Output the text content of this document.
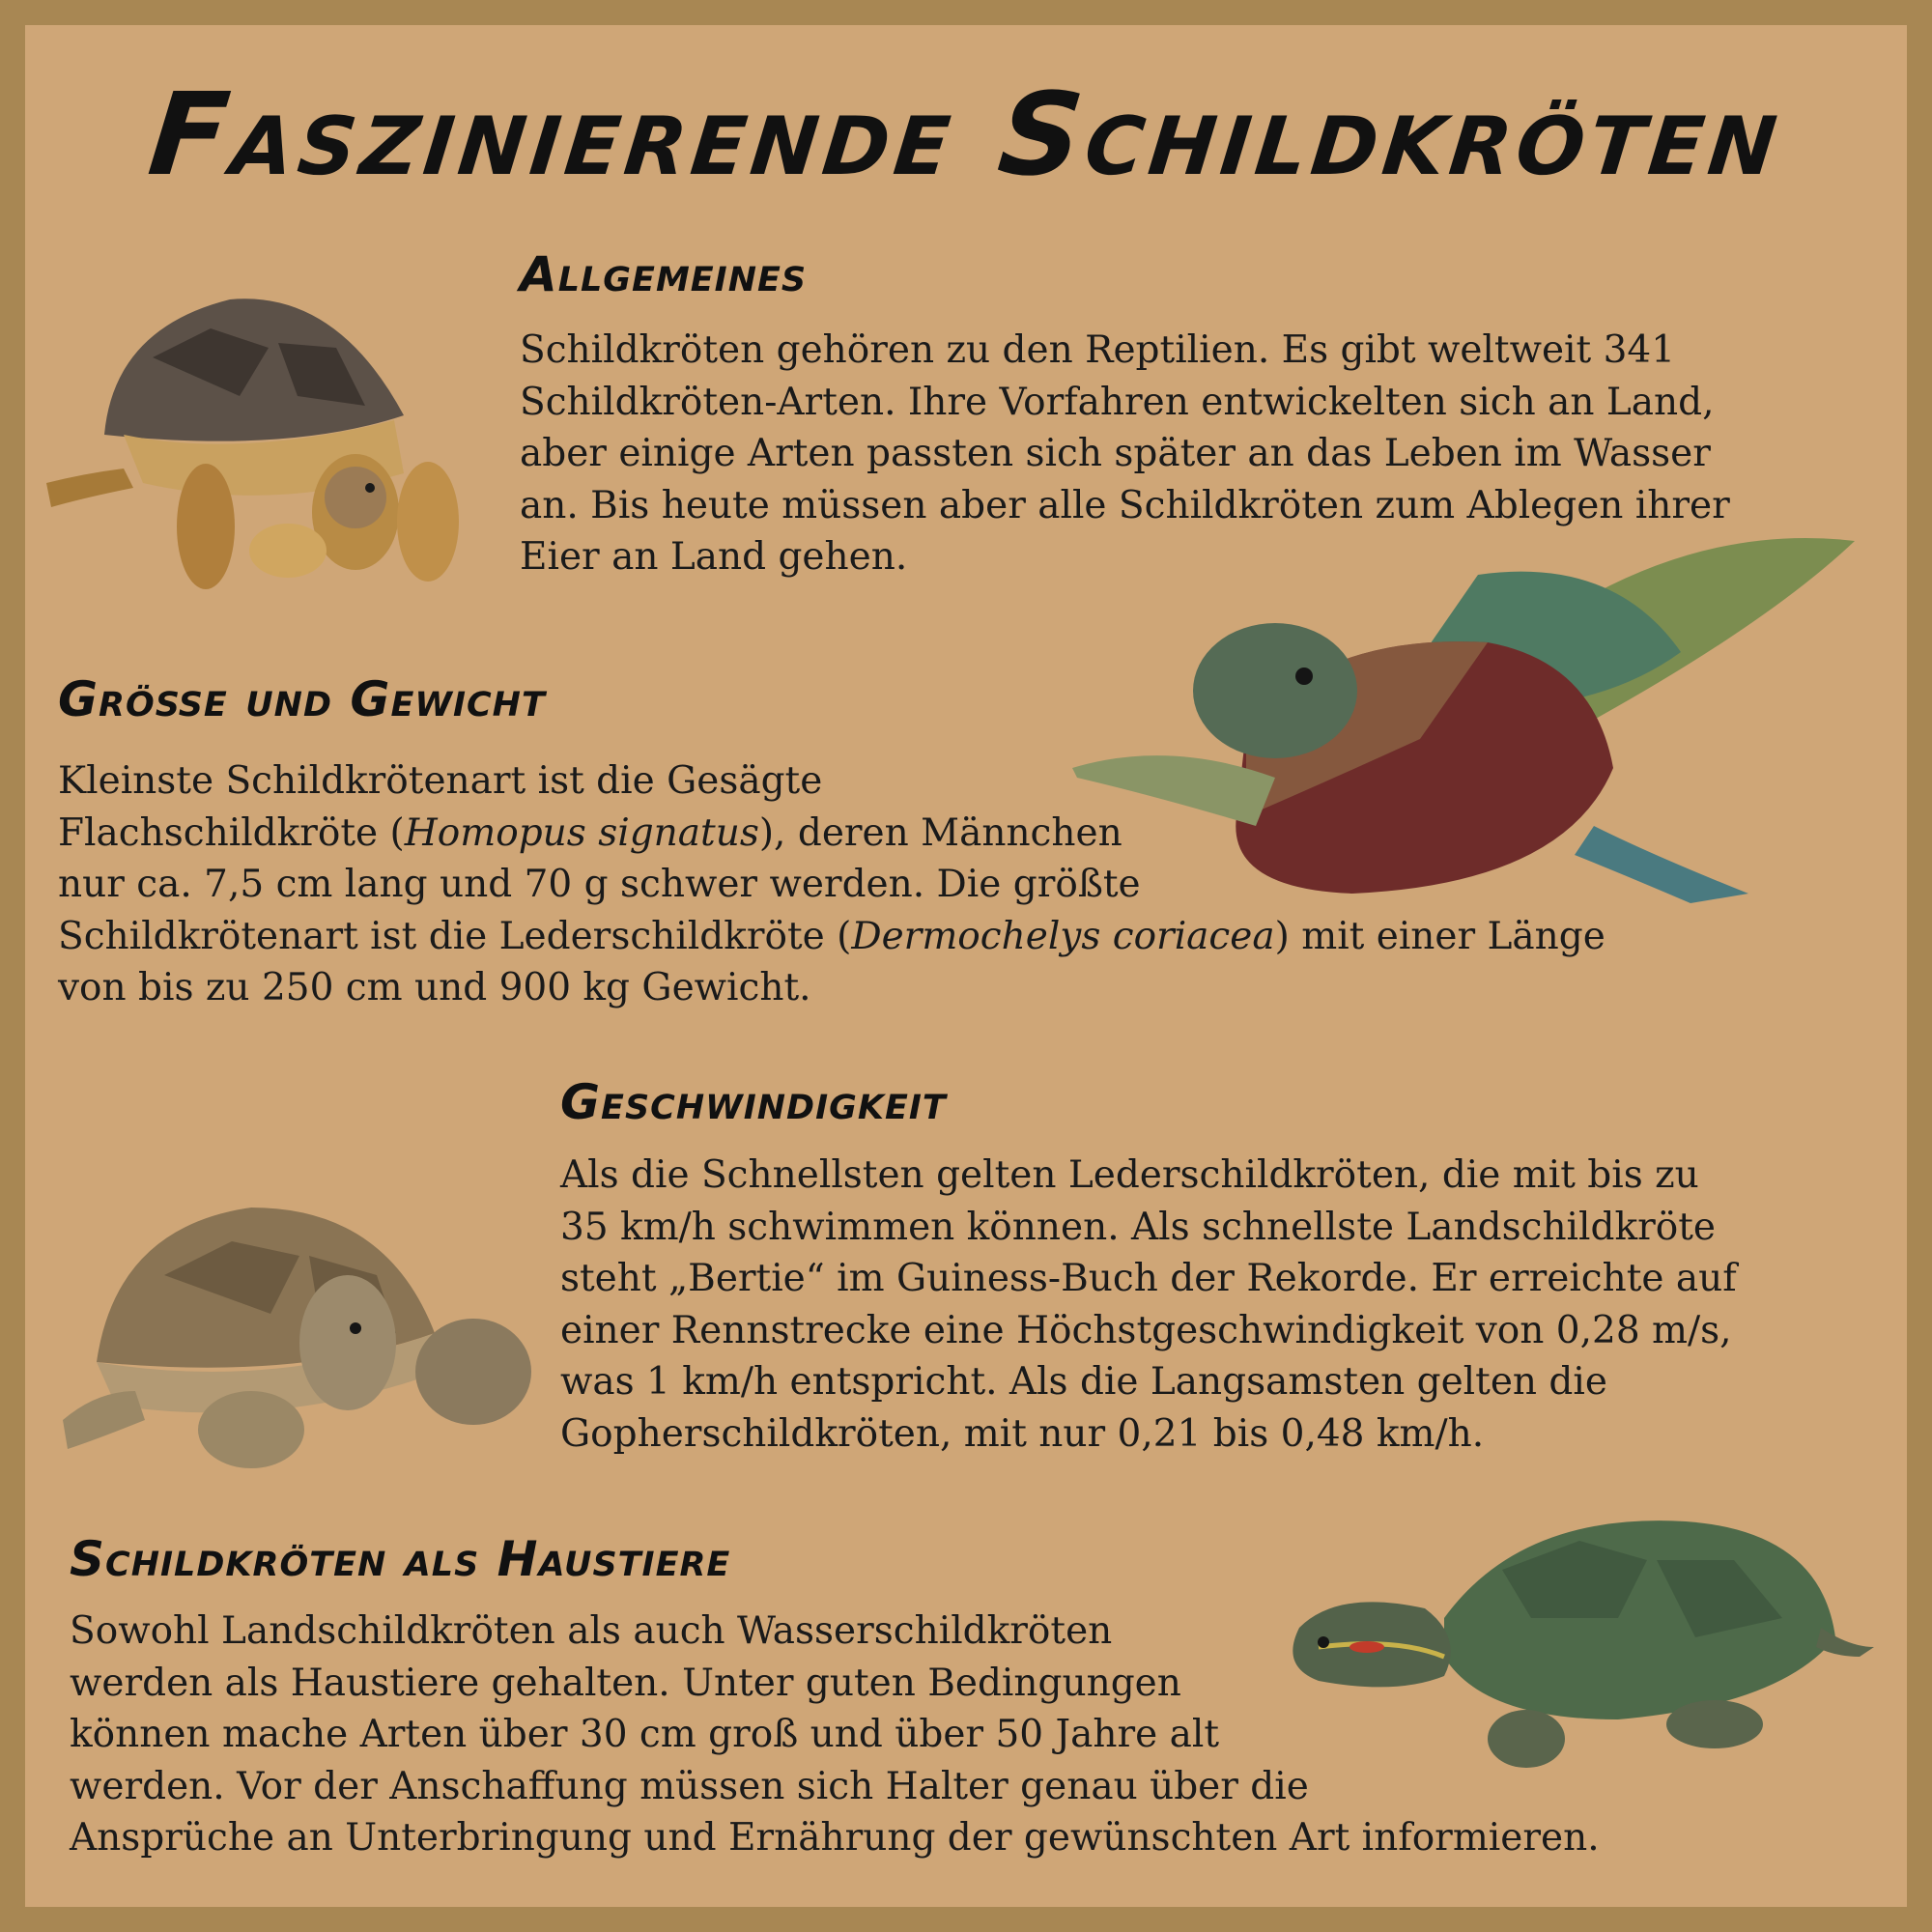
Faszinierende Schildkröten
Allgemeines
Schildkröten gehören zu den Reptilien. Es gibt weltweit 341
Schildkröten-Arten. Ihre Vorfahren entwickelten sich an Land,
aber einige Arten passten sich später an das Leben im Wasser
an. Bis heute müssen aber alle Schildkröten zum Ablegen ihrer
Eier an Land gehen.
Größe und Gewicht
Kleinste Schildkrötenart ist die Gesägte
Flachschildkröte (Homopus signatus), deren Männchen
nur ca. 7,5 cm lang und 70 g schwer werden. Die größte
Schildkrötenart ist die Lederschildkröte (Dermochelys coriacea) mit einer Länge
von bis zu 250 cm und 900 kg Gewicht.
Geschwindigkeit
Als die Schnellsten gelten Lederschildkröten, die mit bis zu
35 km/h schwimmen können. Als schnellste Landschildkröte
steht „Bertie“ im Guiness-Buch der Rekorde. Er erreichte auf
einer Rennstrecke eine Höchstgeschwindigkeit von 0,28 m/s,
was 1 km/h entspricht. Als die Langsamsten gelten die
Gopherschildkröten, mit nur 0,21 bis 0,48 km/h.
Schildkröten als Haustiere
Sowohl Landschildkröten als auch Wasserschildkröten
werden als Haustiere gehalten. Unter guten Bedingungen
können mache Arten über 30 cm groß und über 50 Jahre alt
werden. Vor der Anschaffung müssen sich Halter genau über die
Ansprüche an Unterbringung und Ernährung der gewünschten Art informieren.
